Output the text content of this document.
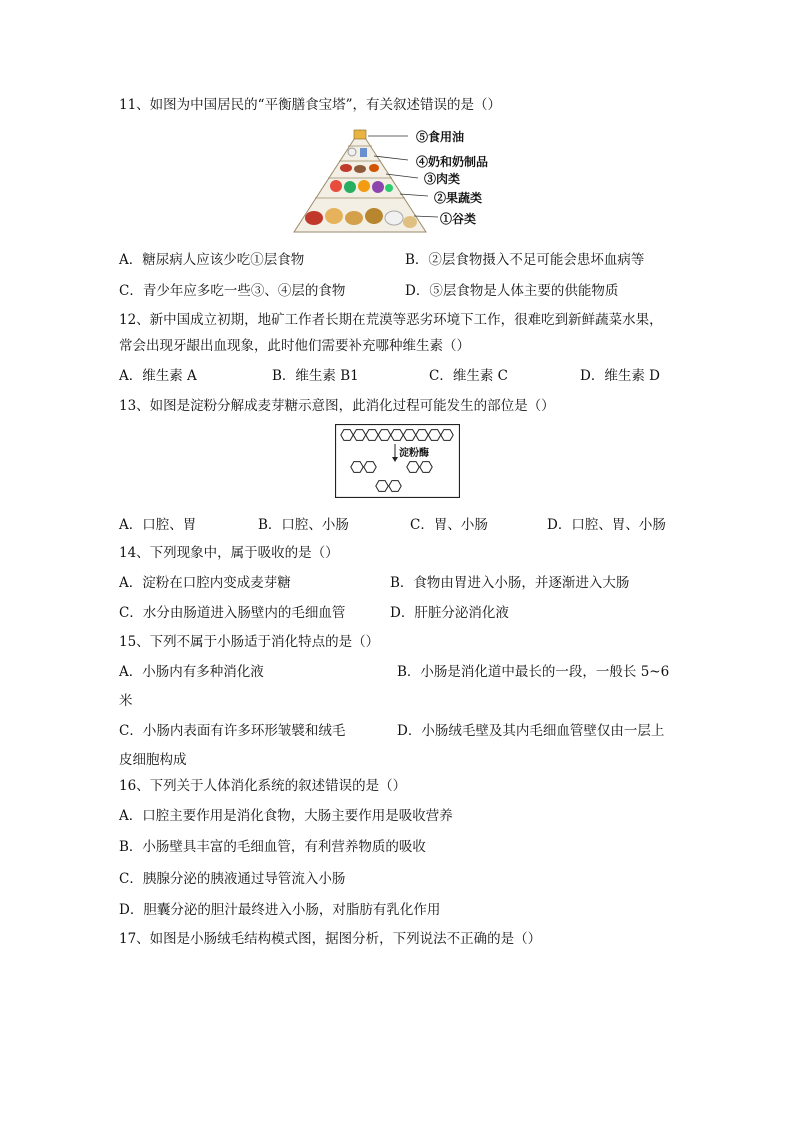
11、如图为中国居民的“平衡膳食宝塔”，有关叙述错误的是（）
⑤食用油
④奶和奶制品
③肉类
②果蔬类
①谷类
A．糖尿病人应该少吃①层食物	B．②层食物摄入不足可能会患坏血病等
C．青少年应多吃一些③、④层的食物	D．⑤层食物是人体主要的供能物质
12、新中国成立初期，地矿工作者长期在荒漠等恶劣环境下工作，很难吃到新鲜蔬菜水果，
常会出现牙龈出血现象，此时他们需要补充哪种维生素（）
A．维生素 A	B．维生素 B1	C．维生素 C	D．维生素 D
13、如图是淀粉分解成麦芽糖示意图，此消化过程可能发生的部位是（）
淀粉酶
A．口腔、胃	B．口腔、小肠	C．胃、小肠	D．口腔、胃、小肠
14、下列现象中，属于吸收的是（）
A．淀粉在口腔内变成麦芽糖	B．食物由胃进入小肠，并逐渐进入大肠
C．水分由肠道进入肠壁内的毛细血管	D．肝脏分泌消化液
15、下列不属于小肠适于消化特点的是（）
A．小肠内有多种消化液	B．小肠是消化道中最长的一段，一般长 5~6
米
C．小肠内表面有许多环形皱襞和绒毛	D．小肠绒毛壁及其内毛细血管壁仅由一层上
皮细胞构成
16、下列关于人体消化系统的叙述错误的是（）
A．口腔主要作用是消化食物，大肠主要作用是吸收营养
B．小肠壁具丰富的毛细血管，有利营养物质的吸收
C．胰腺分泌的胰液通过导管流入小肠
D．胆囊分泌的胆汁最终进入小肠，对脂肪有乳化作用
17、如图是小肠绒毛结构模式图，据图分析，下列说法不正确的是（）
